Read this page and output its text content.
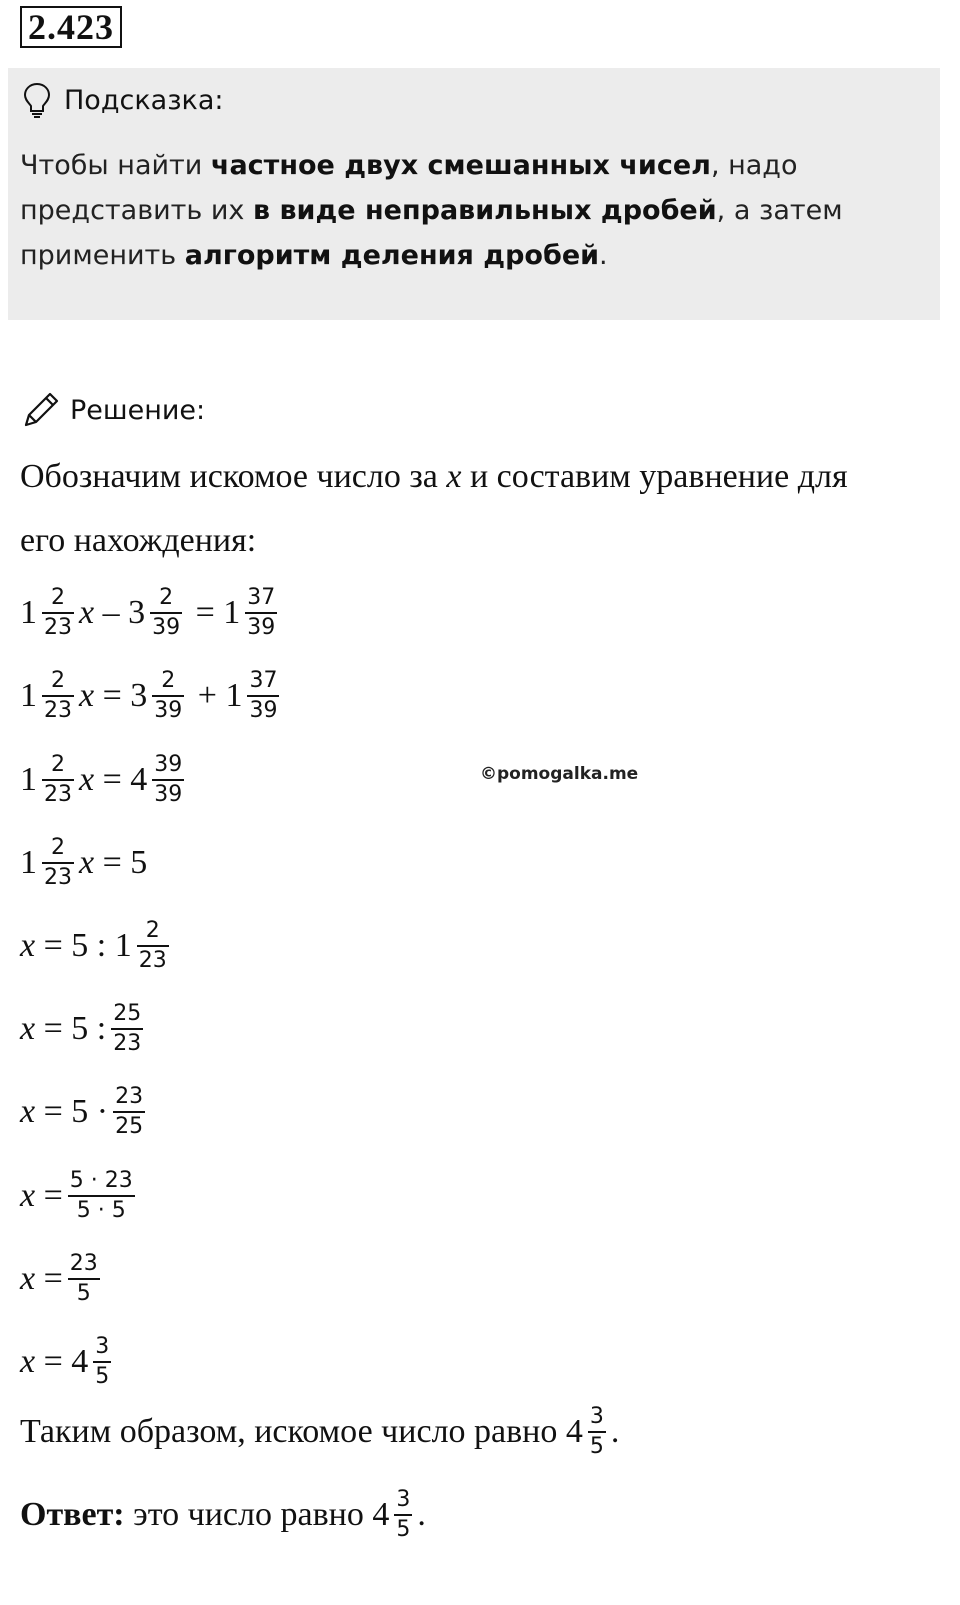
2.423
Подсказка:
Чтобы найти частное двух смешанных чисел, надо
представить их в виде неправильных дробей, а затем
применить алгоритм деления дробей.
Решение:
Обозначим искомое число за x и составим уравнение для
его нахождения:
$1 \frac{2}{23}$ $x - 3 \frac{2}{39} = 1 \frac{37}{39}$
$1 \frac{2}{23}$ $x = 3 \frac{2}{39} + 1 \frac{37}{39}$
$1 \frac{2}{23}$ $x = 4 \frac{39}{39}$	©pomogalka.me
$1 \frac{2}{23}$ x = 5
x = 5 : $1 \frac{2}{23}$
x = 5 : $\frac{25}{23}$
$x = 5 \cdot \frac{23}{25}$
$x = \frac{5 \cdot 23}{5 \cdot 5}$
$x = \frac{23}{5}$
$x = 4 \frac{3}{5}$
Таким образом, искомое число равно $4 \frac{3}{5}$ .
Ответ: это число равно $4 \frac{3}{5}$ .
